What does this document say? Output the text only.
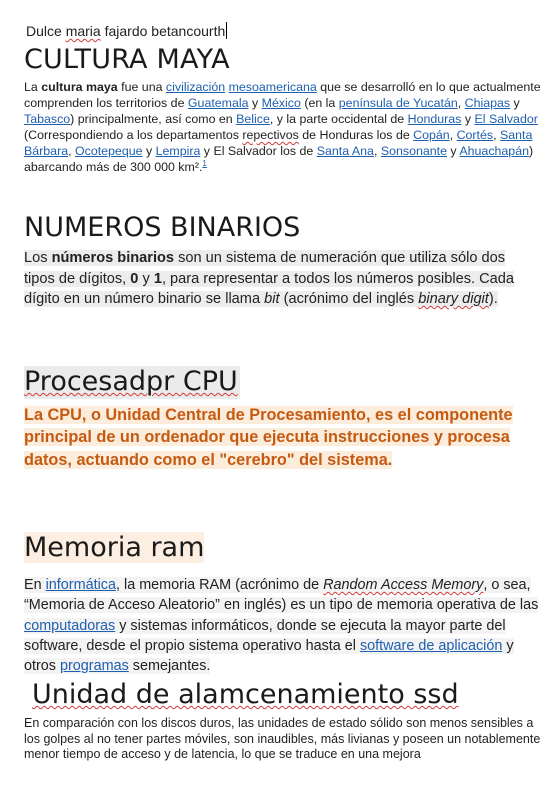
Dulce maria fajardo betancourth
CULTURA MAYA
La cultura maya fue una civilización mesoamericana que se desarrolló en lo que actualmente comprenden los territorios de Guatemala y México (en la península de Yucatán, Chiapas y Tabasco) principalmente, así como en Belice, y la parte occidental de Honduras y El Salvador (Correspondiendo a los departamentos repectivos de Honduras los de Copán, Cortés, Santa Bárbara, Ocotepeque y Lempira y El Salvador los de Santa Ana, Sonsonante y Ahuachapán) abarcando más de 300 000 km².$^1$
NUMEROS BINARIOS
Los números binarios son un sistema de numeración que utiliza sólo dos tipos de dígitos, 0 y 1, para representar a todos los números posibles. Cada dígito en un número binario se llama bit (acrónimo del inglés binary digit).
Procesadpr CPU
La CPU, o Unidad Central de Procesamiento, es el componente principal de un ordenador que ejecuta instrucciones y procesa datos, actuando como el "cerebro" del sistema.
Memoria ram
En informática, la memoria RAM (acrónimo de Random Access Memory, o sea, “Memoria de Acceso Aleatorio” en inglés) es un tipo de memoria operativa de las computadoras y sistemas informáticos, donde se ejecuta la mayor parte del software, desde el propio sistema operativo hasta el software de aplicación y otros programas semejantes.
Unidad de alamcenamiento ssd
En comparación con los discos duros, las unidades de estado sólido son menos sensibles a los golpes al no tener partes móviles, son inaudibles, más livianas y poseen un notablemente menor tiempo de acceso y de latencia, lo que se traduce en una mejora
